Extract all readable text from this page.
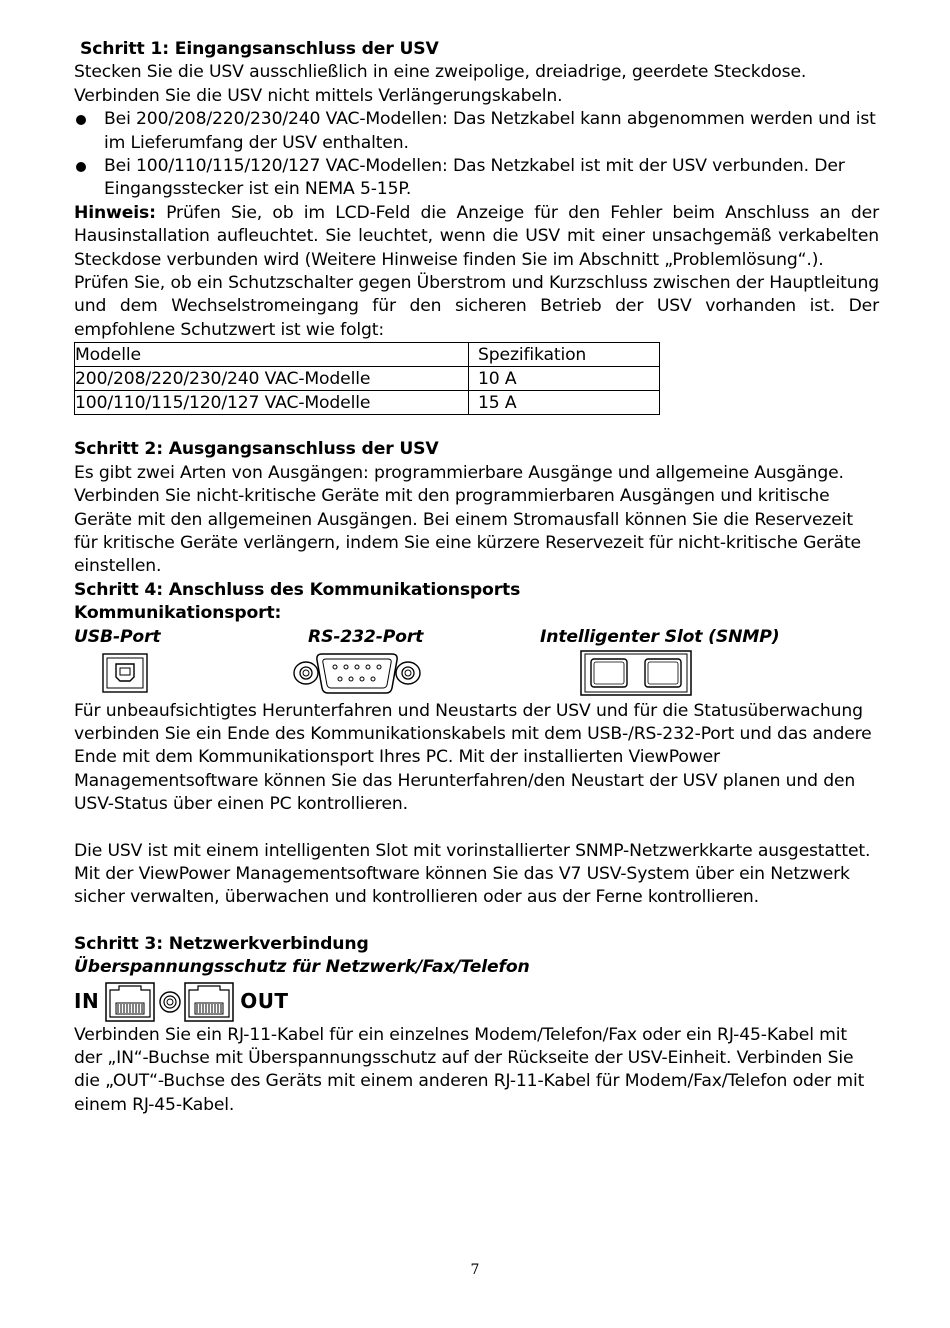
Schritt 1: Eingangsanschluss der USV

Stecken Sie die USV ausschließlich in eine zweipolige, dreiadrige, geerdete Steckdose.

Verbinden Sie die USV nicht mittels Verlängerungskabeln.

Bei 200/208/220/230/240 VAC-Modellen: Das Netzkabel kann abgenommen werden und ist im Lieferumfang der USV enthalten.
Bei 100/110/115/120/127 VAC-Modellen: Das Netzkabel ist mit der USV verbunden. Der Eingangsstecker ist ein NEMA 5-15P.

Hinweis: Prüfen Sie, ob im LCD-Feld die Anzeige für den Fehler beim Anschluss an der Hausinstallation aufleuchtet. Sie leuchtet, wenn die USV mit einer unsachgemäß verkabelten Steckdose verbunden wird (Weitere Hinweise finden Sie im Abschnitt „Problemlösung“.).

Prüfen Sie, ob ein Schutzschalter gegen Überstrom und Kurzschluss zwischen der Hauptleitung und dem Wechselstromeingang für den sicheren Betrieb der USV vorhanden ist. Der empfohlene Schutzwert ist wie folgt:

Modelle	Spezifikation
200/208/220/230/240 VAC-Modelle	10 A
100/110/115/120/127 VAC-Modelle	15 A

Schritt 2: Ausgangsanschluss der USV

Es gibt zwei Arten von Ausgängen: programmierbare Ausgänge und allgemeine Ausgänge. Verbinden Sie nicht-kritische Geräte mit den programmierbaren Ausgängen und kritische Geräte mit den allgemeinen Ausgängen. Bei einem Stromausfall können Sie die Reservezeit für kritische Geräte verlängern, indem Sie eine kürzere Reservezeit für nicht-kritische Geräte einstellen.

Schritt 4: Anschluss des Kommunikationsports

Kommunikationsport:

USB-Port	RS-232-Port	Intelligenter Slot (SNMP)

Für unbeaufsichtigtes Herunterfahren und Neustarts der USV und für die Statusüberwachung verbinden Sie ein Ende des Kommunikationskabels mit dem USB-/RS-232-Port und das andere Ende mit dem Kommunikationsport Ihres PC. Mit der installierten ViewPower Managementsoftware können Sie das Herunterfahren/den Neustart der USV planen und den USV-Status über einen PC kontrollieren.

Die USV ist mit einem intelligenten Slot mit vorinstallierter SNMP-Netzwerkkarte ausgestattet. Mit der ViewPower Managementsoftware können Sie das V7 USV-System über ein Netzwerk sicher verwalten, überwachen und kontrollieren oder aus der Ferne kontrollieren.

Schritt 3: Netzwerkverbindung

Überspannungsschutz für Netzwerk/Fax/Telefon

IN	OUT

Verbinden Sie ein RJ-11-Kabel für ein einzelnes Modem/Telefon/Fax oder ein RJ-45-Kabel mit der „IN“-Buchse mit Überspannungsschutz auf der Rückseite der USV-Einheit. Verbinden Sie die „OUT“-Buchse des Geräts mit einem anderen RJ-11-Kabel für Modem/Fax/Telefon oder mit einem RJ-45-Kabel.

7
